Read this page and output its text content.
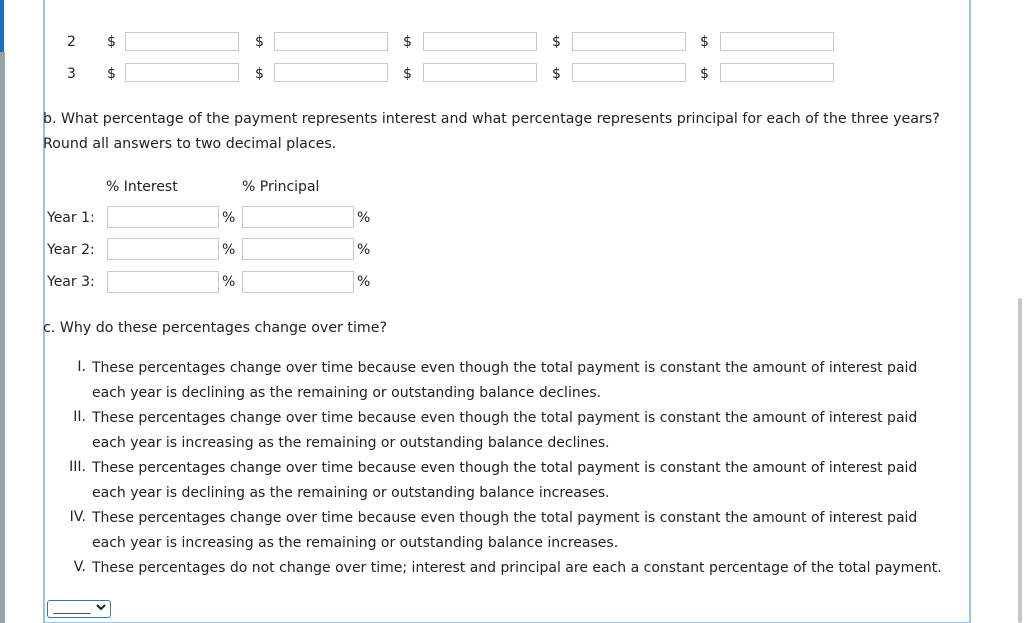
2 $	$	$	$	$
3 $	$	$	$	$
b. What percentage of the payment represents interest and what percentage represents principal for each of the three years?
Round all answers to two decimal places.
% Interest	% Principal
Year 1:	%	%
Year 2:	%	%
Year 3:	%	%
c. Why do these percentages change over time?
I. These percentages change over time because even though the total payment is constant the amount of interest paid
each year is declining as the remaining or outstanding balance declines.
II. These percentages change over time because even though the total payment is constant the amount of interest paid
each year is increasing as the remaining or outstanding balance declines.
III. These percentages change over time because even though the total payment is constant the amount of interest paid
each year is declining as the remaining or outstanding balance increases.
IV. These percentages change over time because even though the total payment is constant the amount of interest paid
each year is increasing as the remaining or outstanding balance increases.
V. These percentages do not change over time; interest and principal are each a constant percentage of the total payment.
